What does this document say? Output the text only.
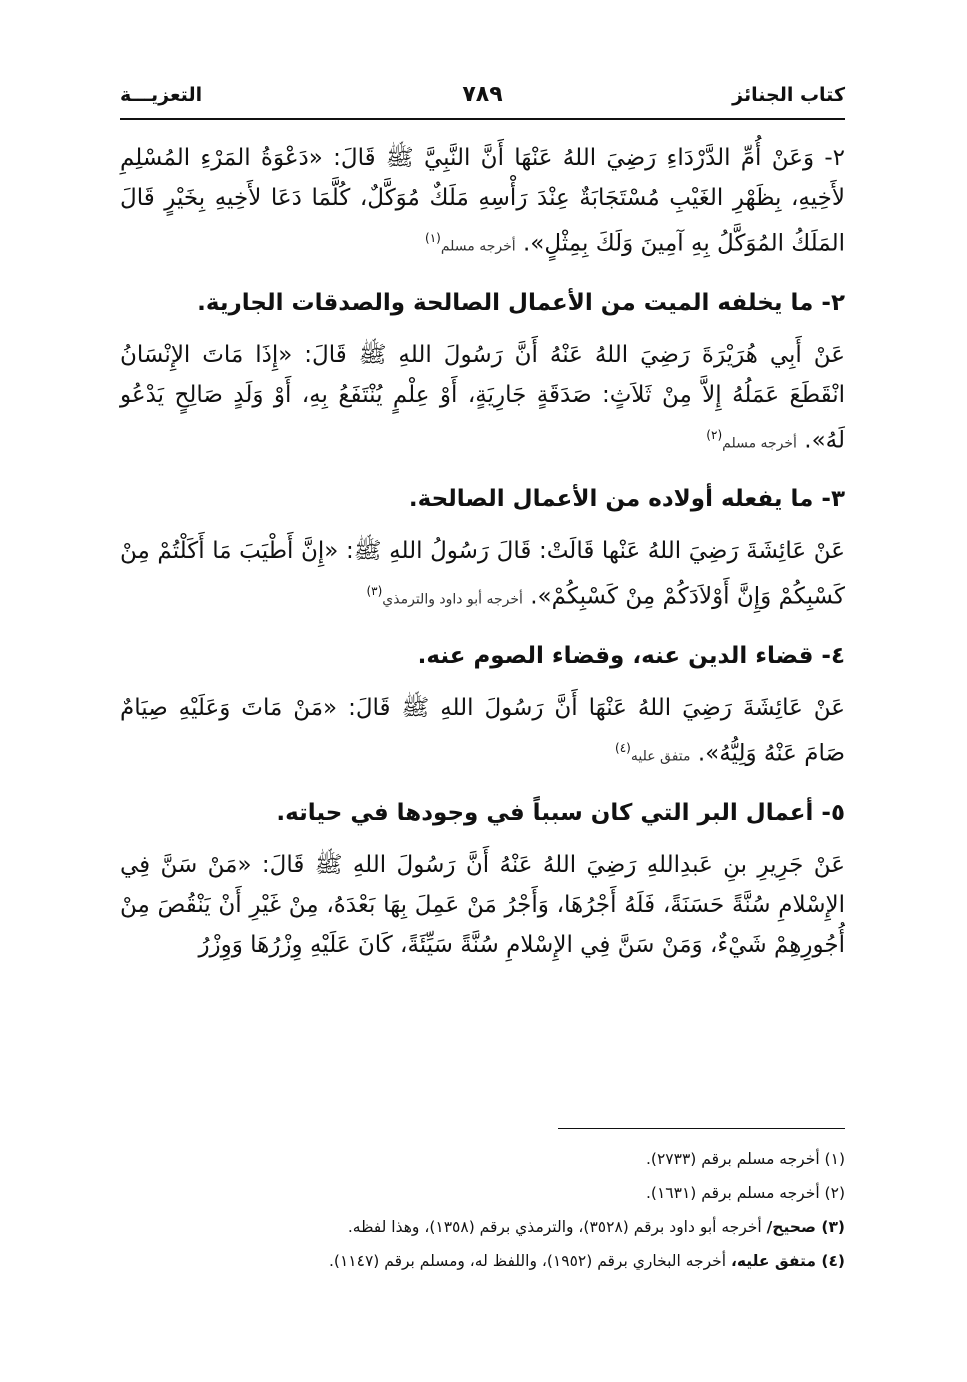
كتاب الجنائز
٧٨٩
التعزيـــة

٢- وَعَنْ أُمِّ الدَّرْدَاءِ رَضِيَ اللهُ عَنْهَا أَنَّ النَّبِيَّ ﷺ قَالَ: «دَعْوَةُ المَرْءِ المُسْلِمِ لأَخِيهِ، بِظَهْرِ الغَيْبِ مُسْتَجَابَةٌ عِنْدَ رَأْسِهِ مَلَكٌ مُوَكَّلٌ، كُلَّمَا دَعَا لأَخِيهِ بِخَيْرٍ قَالَ المَلَكُ المُوَكَّلُ بِهِ آمِينَ وَلَكَ بِمِثْلٍ». أخرجه مسلم$^{(١)}$

٢- ما يخلفه الميت من الأعمال الصالحة والصدقات الجارية.

عَنْ أَبِي هُرَيْرَةَ رَضِيَ اللهُ عَنْهُ أَنَّ رَسُولَ اللهِ ﷺ قَالَ: «إِذَا مَاتَ الإِنْسَانُ انْقَطَعَ عَمَلُهُ إِلاَّ مِنْ ثَلاَثٍ: صَدَقَةٍ جَارِيَةٍ، أَوْ عِلْمٍ يُنْتَفَعُ بِهِ، أَوْ وَلَدٍ صَالِحٍ يَدْعُو لَهُ». أخرجه مسلم$^{(٢)}$

٣- ما يفعله أولاده من الأعمال الصالحة.

عَنْ عَائِشَةَ رَضِيَ اللهُ عَنْها قَالَتْ: قَالَ رَسُولُ اللهِ ﷺ: «إِنَّ أَطْيَبَ مَا أَكَلْتُمْ مِنْ كَسْبِكُمْ وَإِنَّ أَوْلاَدَكُمْ مِنْ كَسْبِكُمْ». أخرجه أبو داود والترمذي$^{(٣)}$

٤- قضاء الدين عنه، وقضاء الصوم عنه.

عَنْ عَائِشَةَ رَضِيَ اللهُ عَنْهَا أَنَّ رَسُولَ اللهِ ﷺ قَالَ: «مَنْ مَاتَ وَعَلَيْهِ صِيَامٌ صَامَ عَنْهُ وَلِيُّهُ». متفق عليه$^{(٤)}$

٥- أعمال البر التي كان سبباً في وجودها في حياته.

عَنْ جَرِيرِ بنِ عَبدِاللهِ رَضِيَ اللهُ عَنْهُ أَنَّ رَسُولَ اللهِ ﷺ قَالَ: «مَنْ سَنَّ فِي الإِسْلامِ سُنَّةً حَسَنَةً، فَلَهُ أَجْرُهَا، وَأَجْرُ مَنْ عَمِلَ بِهَا بَعْدَهُ، مِنْ غَيْرِ أَنْ يَنْقُصَ مِنْ أُجُورِهِمْ شَيْءٌ، وَمَنْ سَنَّ فِي الإِسْلامِ سُنَّةً سَيِّئَةً، كَانَ عَلَيْهِ وِزْرُهَا وَوِزْرُ

(١) أخرجه مسلم برقم (٢٧٣٣).

(٢) أخرجه مسلم برقم (١٦٣١).

(٣) صحيح/ أخرجه أبو داود برقم (٣٥٢٨)، والترمذي برقم (١٣٥٨)، وهذا لفظه.

(٤) متفق عليه، أخرجه البخاري برقم (١٩٥٢)، واللفظ له، ومسلم برقم (١١٤٧).
